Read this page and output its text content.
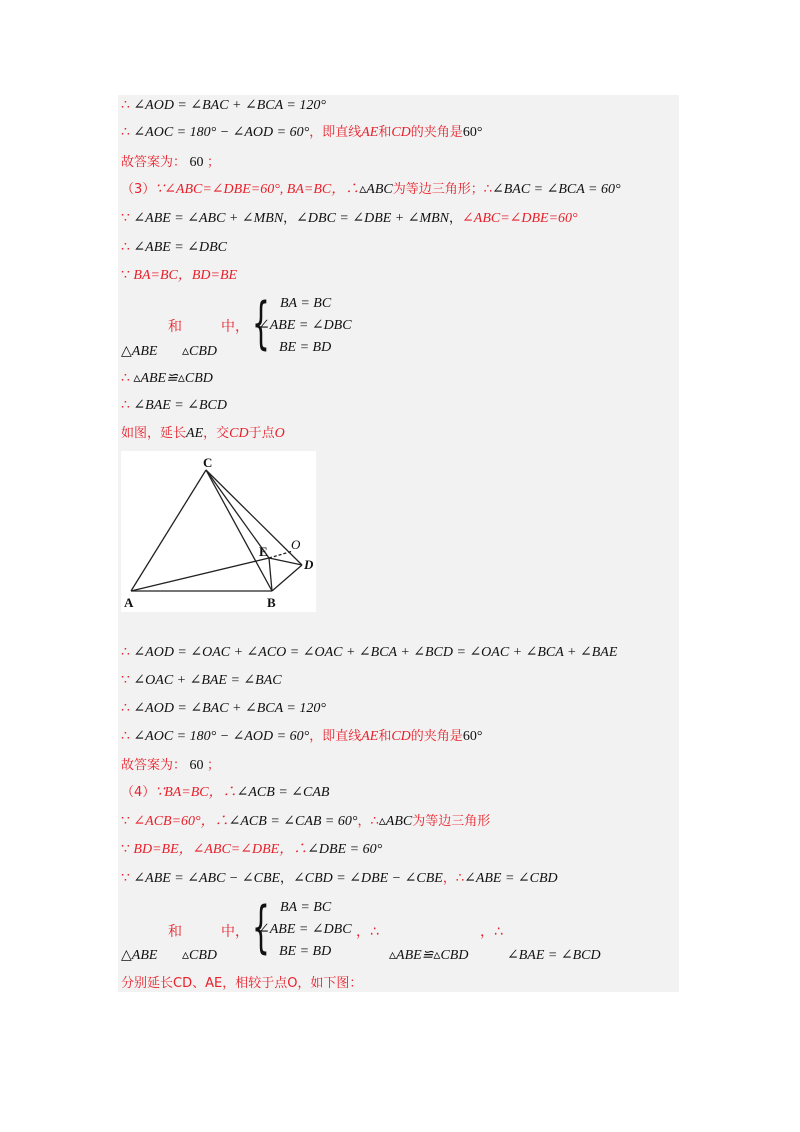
∴ ∠AOD = ∠BAC + ∠BCA = 120°
∴ ∠AOC = 180° − ∠AOD = 60°，即直线AE和CD的夹角是60°
故答案为： 60 ；
（3）∵∠ABC=∠DBE=60°, BA=BC，∴▵ABC为等边三角形；∴∠BAC = ∠BCA = 60°
∵ ∠ABE = ∠ABC + ∠MBN，∠DBC = ∠DBE + ∠MBN，∠ABC=∠DBE=60°
∴ ∠ABE = ∠DBC
∵ BA=BC，BD=BE
和	中，
△ABE ▵CBD { BA = BC
∠ABE = ∠DBC
BE = BD
∴ ▵ABE≌▵CBD
∴ ∠BAE = ∠BCD
如图，延长AE，交CD于点O
C
A	B
E
D
O
∴ ∠AOD = ∠OAC + ∠ACO = ∠OAC + ∠BCA + ∠BCD = ∠OAC + ∠BCA + ∠BAE
∵ ∠OAC + ∠BAE = ∠BAC
∴ ∠AOD = ∠BAC + ∠BCA = 120°
∴ ∠AOC = 180° − ∠AOD = 60°，即直线AE和CD的夹角是60°
故答案为： 60 ；
（4）∵BA=BC，∴∠ACB = ∠CAB
∵ ∠ACB=60°，∴∠ACB = ∠CAB = 60°，∴▵ABC为等边三角形
∵ BD=BE，∠ABC=∠DBE，∴∠DBE = 60°
∵ ∠ABE = ∠ABC − ∠CBE，∠CBD = ∠DBE − ∠CBE，∴∠ABE = ∠CBD
和	中，
△ABE ▵CBD { BA = BC
∠ABE = ∠DBC
BE = BD
，∴
▵ABE≌▵CBD
，∴
∠BAE = ∠BCD
分别延长CD、AE，相较于点O，如下图：
